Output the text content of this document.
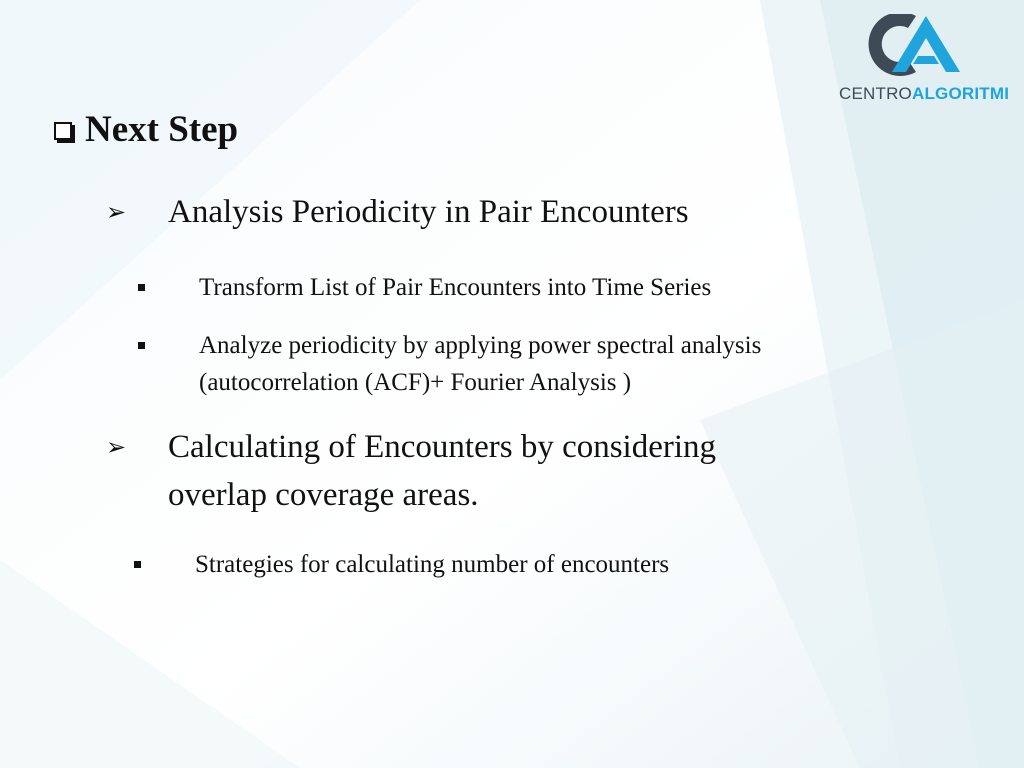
CENTROALGORITMI
Next Step
➢ Analysis Periodicity in Pair Encounters
Transform List of Pair Encounters into Time Series
Analyze periodicity by applying power spectral analysis
(autocorrelation (ACF)+ Fourier Analysis )
➢ Calculating of Encounters by considering
overlap coverage areas.
Strategies for calculating number of encounters
